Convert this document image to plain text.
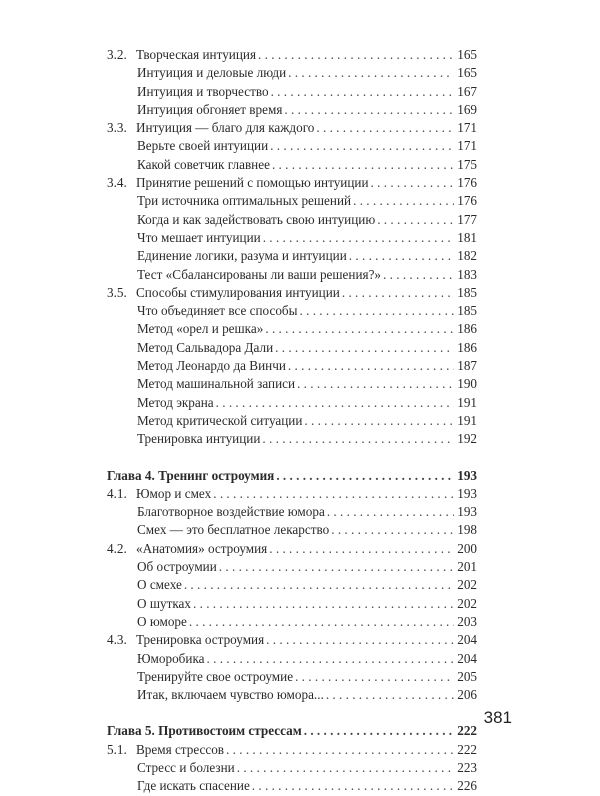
3.2. Творческая интуиция . . .	165
Интуиция и деловые люди . . .	165
Интуиция и творчество . . .	167
Интуиция обгоняет время . . .	169
3.3. Интуиция — благо для каждого . . .	171
Верьте своей интуиции . . .	171
Какой советчик главнее . . .	175
3.4. Принятие решений с помощью интуиции . . .	176
Три источника оптимальных решений . . .	176
Когда и как задействовать свою интуицию . . .	177
Что мешает интуиции . . .	181
Единение логики, разума и интуиции . . .	182
Тест «Сбалансированы ли ваши решения?» . . .	183
3.5. Способы стимулирования интуиции . . .	185
Что объединяет все способы . . .	185
Метод «орел и решка» . . .	186
Метод Сальвадора Дали . . .	186
Метод Леонардо да Винчи . . .	187
Метод машинальной записи . . .	190
Метод экрана . . .	191
Метод критической ситуации . . .	191
Тренировка интуиции . . .	192
Глава 4. Тренинг остроумия . . .	193
4.1. Юмор и смех . . .	193
Благотворное воздействие юмора . . .	193
Смех — это бесплатное лекарство . . .	198
4.2. «Анатомия» остроумия . . .	200
Об остроумии . . .	201
О смехе . . .	202
О шутках . . .	202
О юморе . . .	203
4.3. Тренировка остроумия . . .	204
Юморобика . . .	204
Тренируйте свое остроумие . . .	205
Итак, включаем чувство юмора... . . .	206
Глава 5. Противостоим стрессам . . .	222
5.1. Время стрессов . . .	222
Стресс и болезни . . .	223
Где искать спасение . . .	226
381
